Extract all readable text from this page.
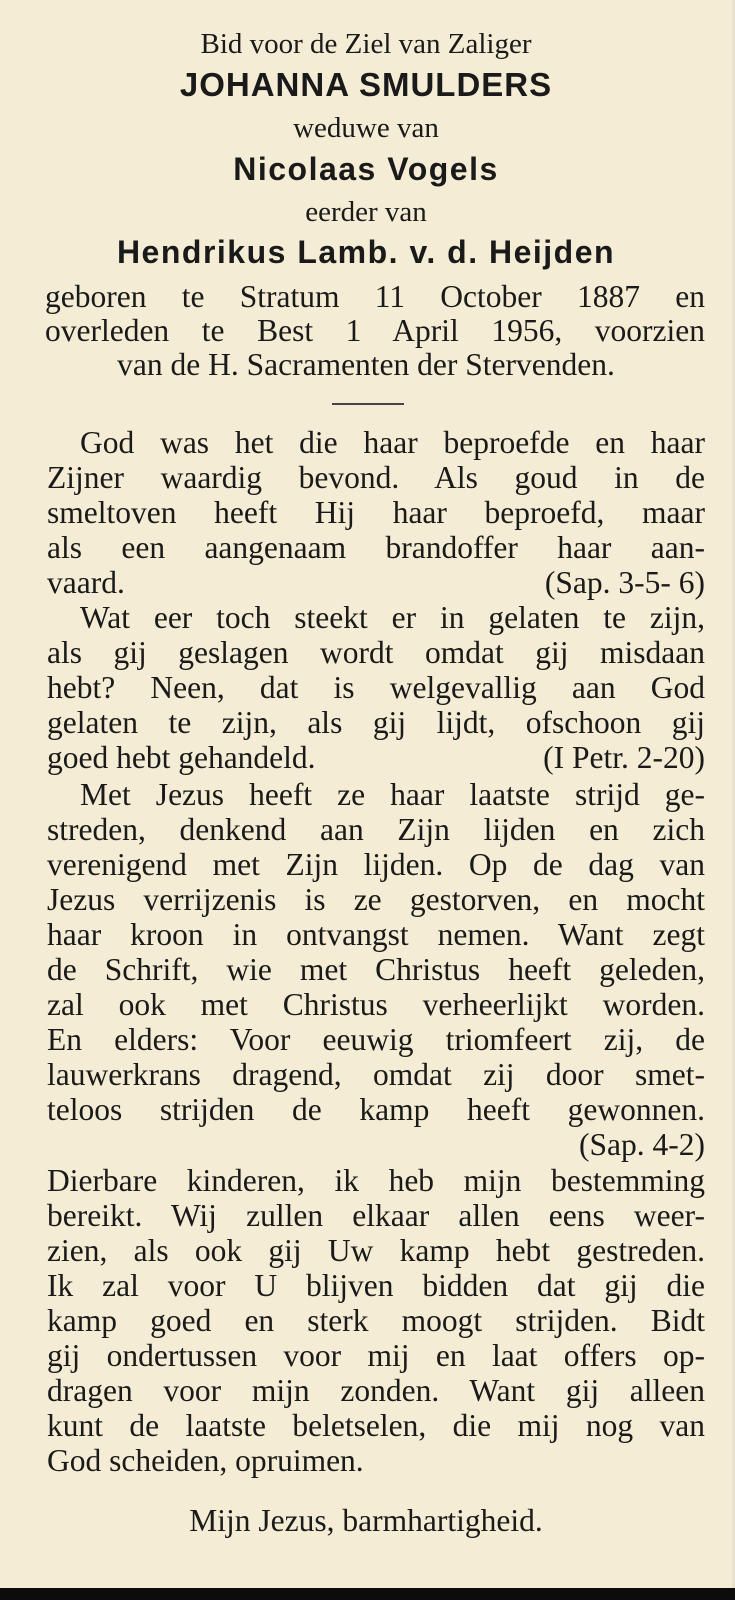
Bid voor de Ziel van Zaliger
JOHANNA SMULDERS
weduwe van
Nicolaas Vogels
eerder van
Hendrikus Lamb. v. d. Heijden
geboren te Stratum 11 October 1887 en
overleden te Best 1 April 1956, voorzien
van de H. Sacramenten der Stervenden.
God was het die haar beproefde en haar
Zijner waardig bevond. Als goud in de
smeltoven heeft Hij haar beproefd, maar
als een aangenaam brandoffer haar aan-
vaard.	(Sap. 3-5- 6)
Wat eer toch steekt er in gelaten te zijn,
als gij geslagen wordt omdat gij misdaan
hebt? Neen, dat is welgevallig aan God
gelaten te zijn, als gij lijdt, ofschoon gij
goed hebt gehandeld.	(I Petr. 2-20)
Met Jezus heeft ze haar laatste strijd ge-
streden, denkend aan Zijn lijden en zich
verenigend met Zijn lijden. Op de dag van
Jezus verrijzenis is ze gestorven, en mocht
haar kroon in ontvangst nemen. Want zegt
de Schrift, wie met Christus heeft geleden,
zal ook met Christus verheerlijkt worden.
En elders: Voor eeuwig triomfeert zij, de
lauwerkrans dragend, omdat zij door smet-
teloos strijden de kamp heeft gewonnen.
(Sap. 4-2)
Dierbare kinderen, ik heb mijn bestemming
bereikt. Wij zullen elkaar allen eens weer-
zien, als ook gij Uw kamp hebt gestreden.
Ik zal voor U blijven bidden dat gij die
kamp goed en sterk moogt strijden. Bidt
gij ondertussen voor mij en laat offers op-
dragen voor mijn zonden. Want gij alleen
kunt de laatste beletselen, die mij nog van
God scheiden, opruimen.
Mijn Jezus, barmhartigheid.
